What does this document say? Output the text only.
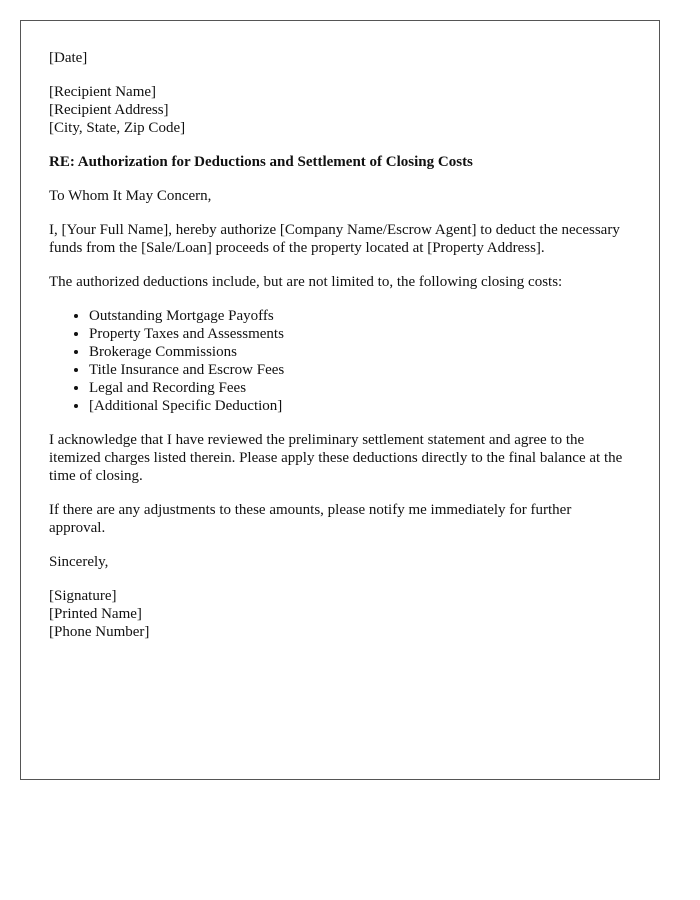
[Date]

[Recipient Name]
[Recipient Address]
[City, State, Zip Code]

RE: Authorization for Deductions and Settlement of Closing Costs

To Whom It May Concern,

I, [Your Full Name], hereby authorize [Company Name/Escrow Agent] to deduct the necessary funds from the [Sale/Loan] proceeds of the property located at [Property Address].

The authorized deductions include, but are not limited to, the following closing costs:

• Outstanding Mortgage Payoffs
• Property Taxes and Assessments
• Brokerage Commissions
• Title Insurance and Escrow Fees
• Legal and Recording Fees
• [Additional Specific Deduction]

I acknowledge that I have reviewed the preliminary settlement statement and agree to the itemized charges listed therein. Please apply these deductions directly to the final balance at the time of closing.

If there are any adjustments to these amounts, please notify me immediately for further approval.

Sincerely,

[Signature]
[Printed Name]
[Phone Number]
